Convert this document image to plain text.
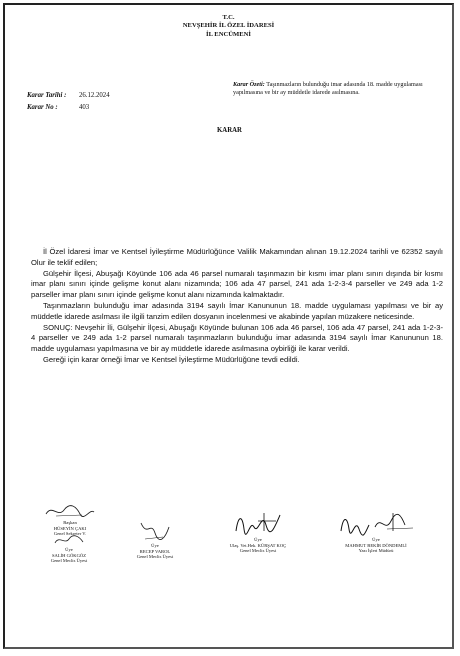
T.C.
NEVŞEHİR İL ÖZEL İDARESİ
İL ENCÜMENİ
Karar Tarihi :	26.12.2024
Karar No :	403
Karar Özeti: Taşınmazların bulunduğu imar adasında 18. madde uygulaması yapılmasına ve bir ay müddetle idarede asılmasına.
KARAR

İl Özel İdaresi İmar ve Kentsel İyileştirme Müdürlüğünce Valilik Makamından alınan 19.12.2024 tarihli ve 62352 sayılı Olur ile teklif edilen;

Gülşehir İlçesi, Abuşağı Köyünde 106 ada 46 parsel numaralı taşınmazın bir kısmı imar planı sınırı dışında bir kısmı imar planı sınırı içinde gelişme konut alanı nizamında; 106 ada 47 parsel, 241 ada 1-2-3-4 parseller ve 249 ada 1-2 parseller imar planı sınırı içinde gelişme konut alanı nizamında kalmaktadır.

Taşınmazların bulunduğu imar adasında 3194 sayılı İmar Kanununun 18. madde uygulaması yapılması ve bir ay müddetle idarede asılması ile ilgili tanzim edilen dosyanın incelenmesi ve akabinde yapılan müzakere neticesinde.

SONUÇ: Nevşehir İli, Gülşehir İlçesi, Abuşağı Köyünde bulunan 106 ada 46 parsel, 106 ada 47 parsel, 241 ada 1-2-3-4 parseller ve 249 ada 1-2 parsel numaralı taşınmazların bulunduğu imar adasında 3194 sayılı İmar Kanununun 18. madde uygulaması yapılmasına ve bir ay müddetle idarede asılmasına oybirliği ile karar verildi.

Gereği için karar örneği İmar ve Kentsel İyileştirme Müdürlüğüne tevdi edildi.

Başkan
HÜSEYİN ÇAKI
Genel Sekreter V.
Üye
SALİH GÖKGÖZ
Genel Meclis Üyesi
Üye
RECEP VAROL
Genel Meclis Üyesi
Üye
Ulaş. Vet.Hek. KÜRŞAT KOÇ
Genel Meclis Üyesi
Üye
MAHMUT BEKİR DÖNDEMLİ
Yazı İşleri Müdürü
